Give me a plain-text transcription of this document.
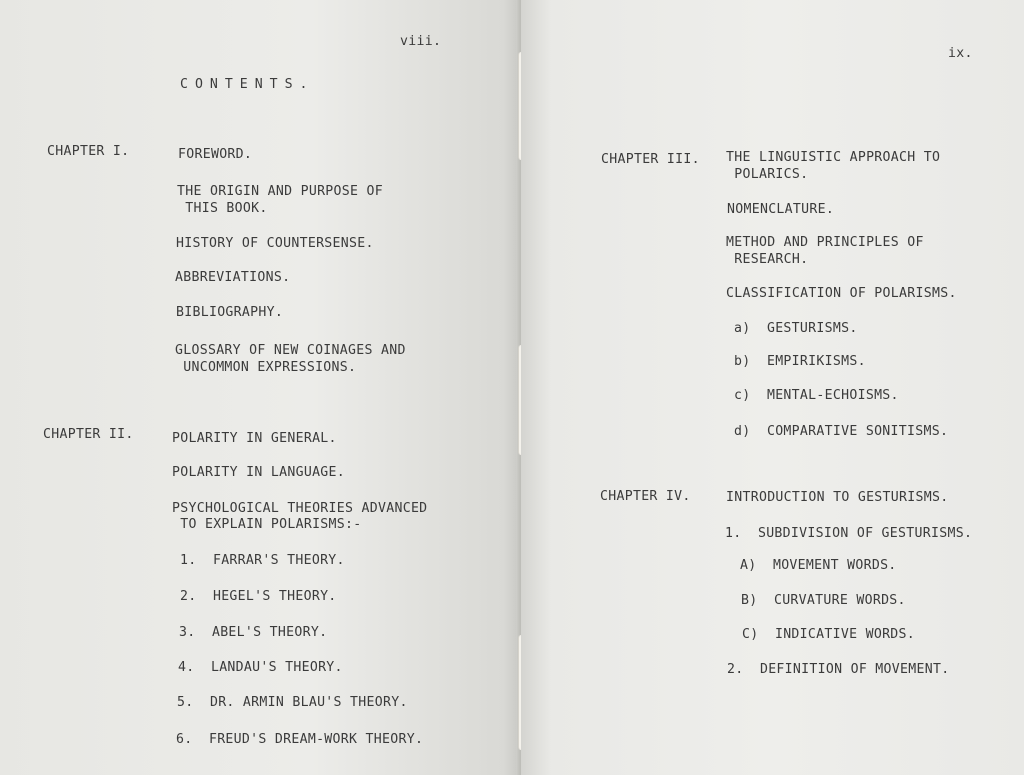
viii.
CONTENTS.
CHAPTER I.	FOREWORD.
THE ORIGIN AND PURPOSE OF
THIS BOOK.
HISTORY OF COUNTERSENSE.
ABBREVIATIONS.
BIBLIOGRAPHY.
GLOSSARY OF NEW COINAGES AND
UNCOMMON EXPRESSIONS.
CHAPTER II.	POLARITY IN GENERAL.
POLARITY IN LANGUAGE.
PSYCHOLOGICAL THEORIES ADVANCED
TO EXPLAIN POLARISMS:-
1.  FARRAR'S THEORY.
2.  HEGEL'S THEORY.
3.  ABEL'S THEORY.
4.  LANDAU'S THEORY.
5.  DR. ARMIN BLAU'S THEORY.
6.  FREUD'S DREAM-WORK THEORY.
ix.
CHAPTER III. THE LINGUISTIC APPROACH TO
POLARICS.
NOMENCLATURE.
METHOD AND PRINCIPLES OF
RESEARCH.
CLASSIFICATION OF POLARISMS.
a)  GESTURISMS.
b)  EMPIRIKISMS.
c)  MENTAL-ECHOISMS.
d)  COMPARATIVE SONITISMS.
CHAPTER IV.	INTRODUCTION TO GESTURISMS.
1.  SUBDIVISION OF GESTURISMS.
A)  MOVEMENT WORDS.
B)  CURVATURE WORDS.
C)  INDICATIVE WORDS.
2.  DEFINITION OF MOVEMENT.
